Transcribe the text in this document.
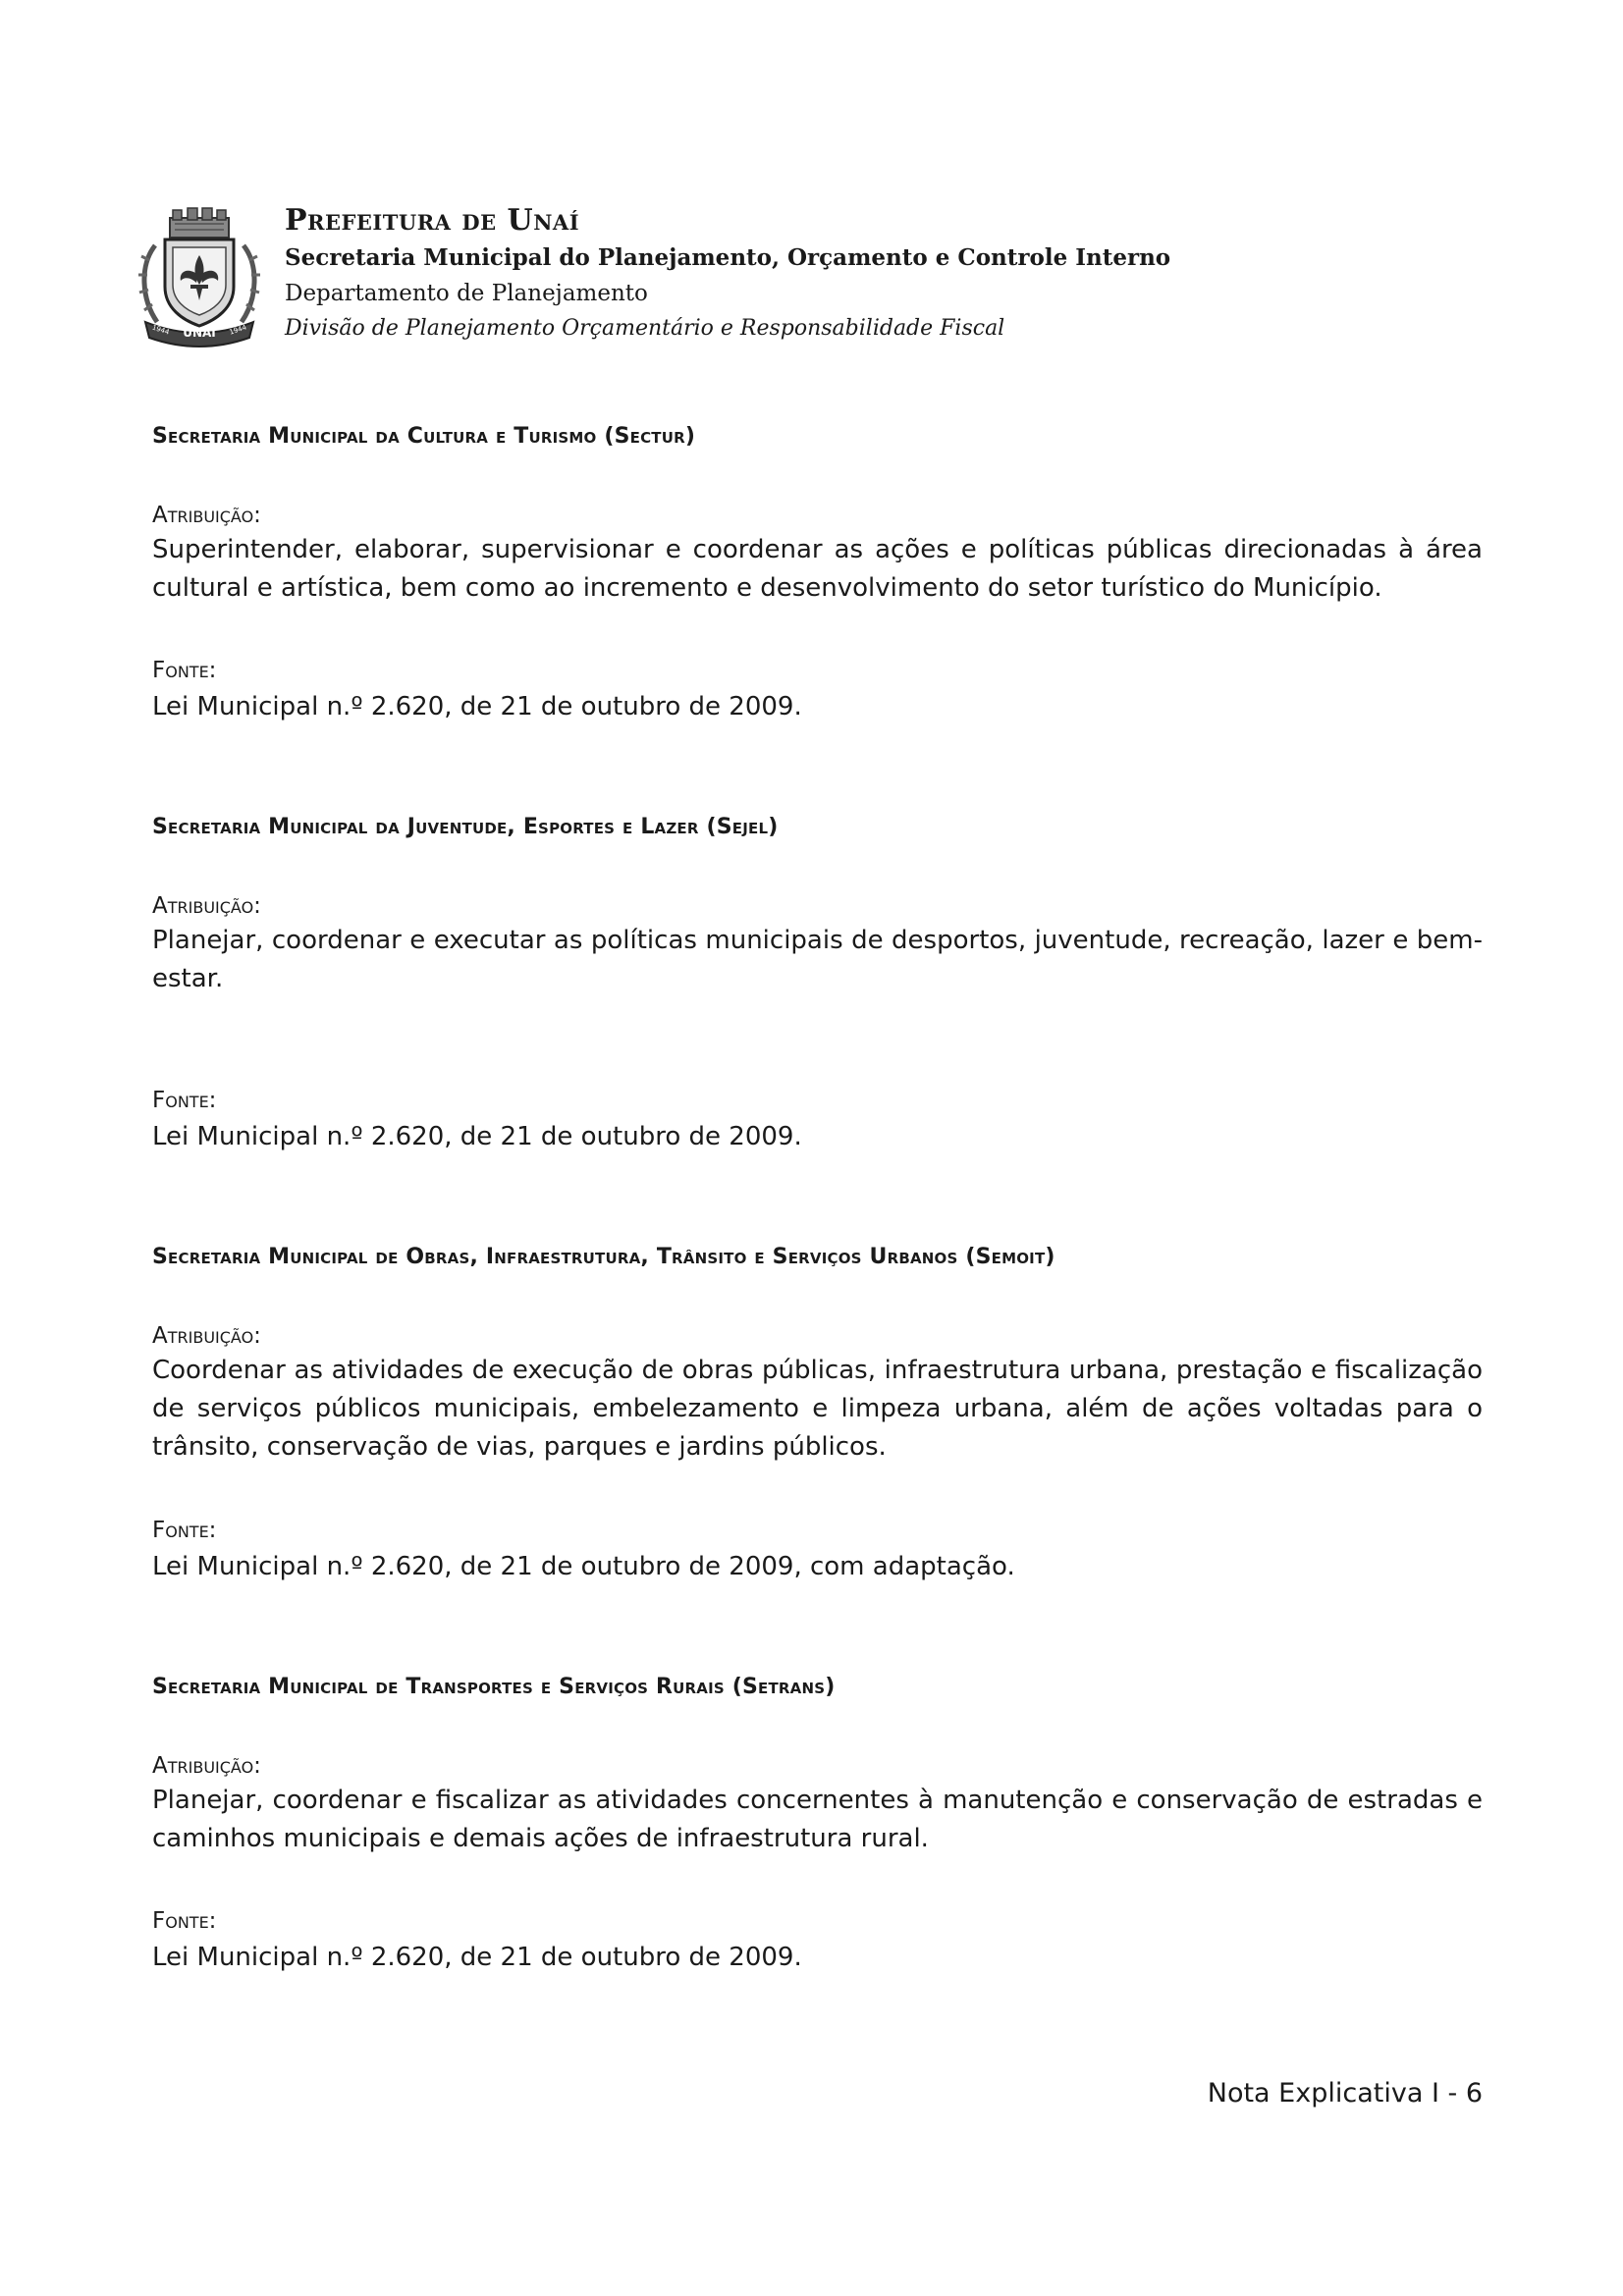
UNAÍ
1944	1944
Prefeitura de Unaí
Secretaria Municipal do Planejamento, Orçamento e Controle Interno
Departamento de Planejamento
Divisão de Planejamento Orçamentário e Responsabilidade Fiscal
Secretaria Municipal da Cultura e Turismo (Sectur)
Atribuição:
Superintender, elaborar, supervisionar e coordenar as ações e políticas públicas direcionadas à área cultural e artística, bem como ao incremento e desenvolvimento do setor turístico do Município.
Fonte:
Lei Municipal n.º 2.620, de 21 de outubro de 2009.
Secretaria Municipal da Juventude, Esportes e Lazer (Sejel)
Atribuição:
Planejar, coordenar e executar as políticas municipais de desportos, juventude, recreação, lazer e bem-estar.
Fonte:
Lei Municipal n.º 2.620, de 21 de outubro de 2009.
Secretaria Municipal de Obras, Infraestrutura, Trânsito e Serviços Urbanos (Semoit)
Atribuição:
Coordenar as atividades de execução de obras públicas, infraestrutura urbana, prestação e fiscalização de serviços públicos municipais, embelezamento e limpeza urbana, além de ações voltadas para o trânsito, conservação de vias, parques e jardins públicos.
Fonte:
Lei Municipal n.º 2.620, de 21 de outubro de 2009, com adaptação.
Secretaria Municipal de Transportes e Serviços Rurais (Setrans)
Atribuição:
Planejar, coordenar e fiscalizar as atividades concernentes à manutenção e conservação de estradas e caminhos municipais e demais ações de infraestrutura rural.
Fonte:
Lei Municipal n.º 2.620, de 21 de outubro de 2009.
Nota Explicativa I - 6
